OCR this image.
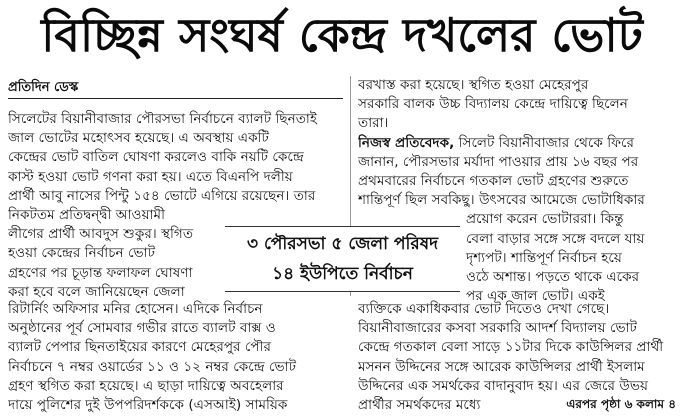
বিচ্ছিন্ন সংঘর্ষ কেন্দ্র দখলের ভোট
প্রতিদিন ডেস্ক
সিলেটের বিয়ানীবাজার পৌরসভা নির্বাচনে ব্যালট ছিনতাই
জাল ভোটের মহোৎসব হয়েছে। এ অবস্থায় একটি
কেন্দ্রের ভোট বাতিল ঘোষণা করলেও বাকি নয়টি কেন্দ্রে
কাস্ট হওয়া ভোট গণনা করা হয়। এতে বিএনপি দলীয়
প্রার্থী আবু নাসের পিন্টু ১৫৪ ভোটে এগিয়ে রয়েছেন। তার
নিকটতম প্রতিদ্বন্দ্বী আওয়ামী
লীগের প্রার্থী আবদুস শুকুর। স্থগিত
হওয়া কেন্দ্রের নির্বাচন ভোট
গ্রহণের পর চূড়ান্ত ফলাফল ঘোষণা
করা হবে বলে জানিয়েছেন জেলা
বরখাস্ত করা হয়েছে। স্থগিত হওয়া মেহেরপুর
সরকারি বালক উচ্চ বিদ্যালয় কেন্দ্রে দায়িত্বে ছিলেন
তারা।
নিজস্ব প্রতিবেদক, সিলেট বিয়ানীবাজার থেকে ফিরে
জানান, পৌরসভার মর্যাদা পাওয়ার প্রায় ১৬ বছর পর
প্রথমবারের নির্বাচনে গতকাল ভোট গ্রহণের শুরুতে
শান্তিপূর্ণ ছিল সবকিছু। উৎসবের আমেজে ভোটাধিকার
প্রয়োগ করেন ভোটাররা। কিন্তু
বেলা বাড়ার সঙ্গে সঙ্গে বদলে যায়
দৃশ্যপট। শান্তিপূর্ণ নির্বাচন হয়ে
ওঠে অশান্ত। পড়তে থাকে একের
পর এক জাল ভোট। একই
৩ পৌরসভা ৫ জেলা পরিষদ
১৪ ইউপিতে নির্বাচন
রিটার্নিং অফিসার মনির হোসেন। এদিকে নির্বাচন
অনুষ্ঠানের পূর্ব সোমবার গভীর রাতে ব্যালট বাক্স ও
ব্যালট পেপার ছিনতাইয়ের কারণে মেহেরপুর পৌর
নির্বাচনে ৭ নম্বর ওয়ার্ডের ১১ ও ১২ নম্বর কেন্দ্রে ভোট
গ্রহণ স্থগিত করা হয়েছে। এ ছাড়া দায়িত্বে অবহেলার
দায়ে পুলিশের দুই উপপরিদর্শককে (এসআই) সাময়িক
ব্যক্তিকে একাধিকবার ভোট দিতেও দেখা গেছে।
বিয়ানীবাজারের কসবা সরকারি আদর্শ বিদ্যালয় ভোট
কেন্দ্রে গতকাল বেলা সাড়ে ১১টার দিকে কাউন্সিলর প্রার্থী
মসনন উদ্দিনের সঙ্গে আরেক কাউন্সিলর প্রার্থী ইসলাম
উদ্দিনের এক সমর্থকের বাদানুবাদ হয়। এর জেরে উভয়
প্রার্থীর সমর্থকদের মধ্যে	এরপর পৃষ্ঠা ৬ কলাম ৪
